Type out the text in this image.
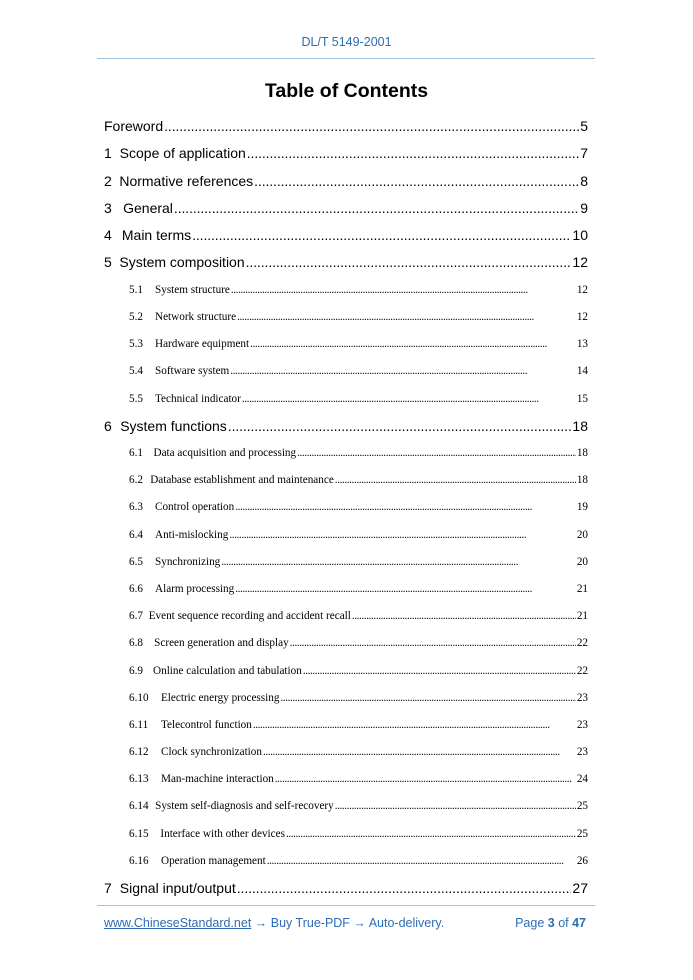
DL/T 5149-2001
Table of Contents
Foreword . . .	5
1 Scope of application . . .	7
2 Normative references . . .	8
3 General . . .	9
4 Main terms . . .	10
5 System composition . . .	12
5.1	System structure . . .	12
5.2	Network structure . . .	12
5.3	Hardware equipment . . .	13
5.4	Software system . . .	14
5.5	Technical indicator . . .	15
6 System functions . . .	18
6.1 Data acquisition and processing . . .	18
6.2 Database establishment and maintenance . . .	18
6.3	Control operation . . .	19
6.4	Anti-mislocking . . .	20
6.5	Synchronizing . . .	20
6.6	Alarm processing . . .	21
6.7 Event sequence recording and accident recall . . .	21
6.8 Screen generation and display . . .	22
6.9 Online calculation and tabulation . . .	22
6.10	Electric energy processing . . .	23
6.11	Telecontrol function . . .	23
6.12	Clock synchronization . . .	23
6.13	Man-machine interaction . . .	24
6.14 System self-diagnosis and self-recovery . . .	25
6.15	Interface with other devices . . .	25
6.16	Operation management . . .	26
7 Signal input/output . . .	27
www.ChineseStandard.net → Buy True-PDF → Auto-delivery.	Page 3 of 47
